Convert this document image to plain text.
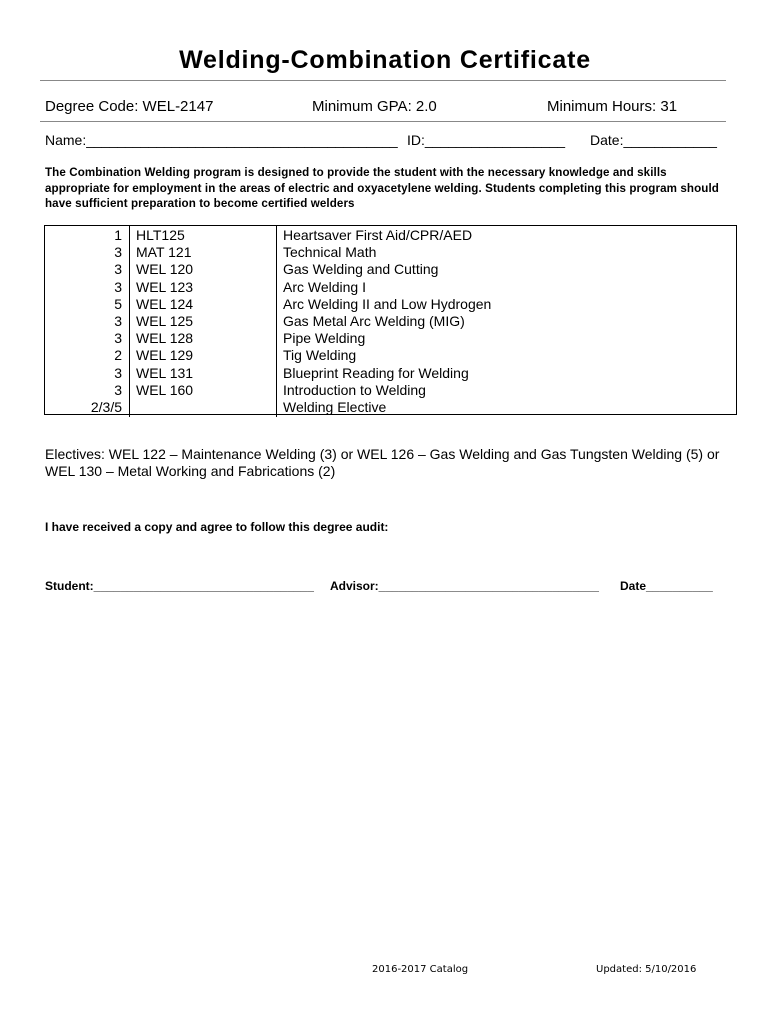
Welding-Combination Certificate
Degree Code: WEL-2147	Minimum GPA: 2.0	Minimum Hours: 31
Name:________________________________________ ID:__________________ Date:____________
The Combination Welding program is designed to provide the student with the necessary knowledge and skills appropriate for employment in the areas of electric and oxyacetylene welding. Students completing this program should have sufficient preparation to become certified welders
	1	HLT125	Heartsaver First Aid/CPR/AED
	3	MAT 121	Technical Math
	3	WEL 120	Gas Welding and Cutting
	3	WEL 123	Arc Welding I
	5	WEL 124	Arc Welding II and Low Hydrogen
	3	WEL 125	Gas Metal Arc Welding (MIG)
	3	WEL 128	Pipe Welding
	2	WEL 129	Tig Welding
	3	WEL 131	Blueprint Reading for Welding
	3	WEL 160	Introduction to Welding
	2/3/5		Welding Elective
Electives: WEL 122 – Maintenance Welding (3) or WEL 126 – Gas Welding and Gas Tungsten Welding (5) or WEL 130 – Metal Working and Fabrications (2)
I have received a copy and agree to follow this degree audit:
Student:_________________________________ Advisor:_________________________________ Date__________
2016-2017 Catalog	Updated: 5/10/2016
